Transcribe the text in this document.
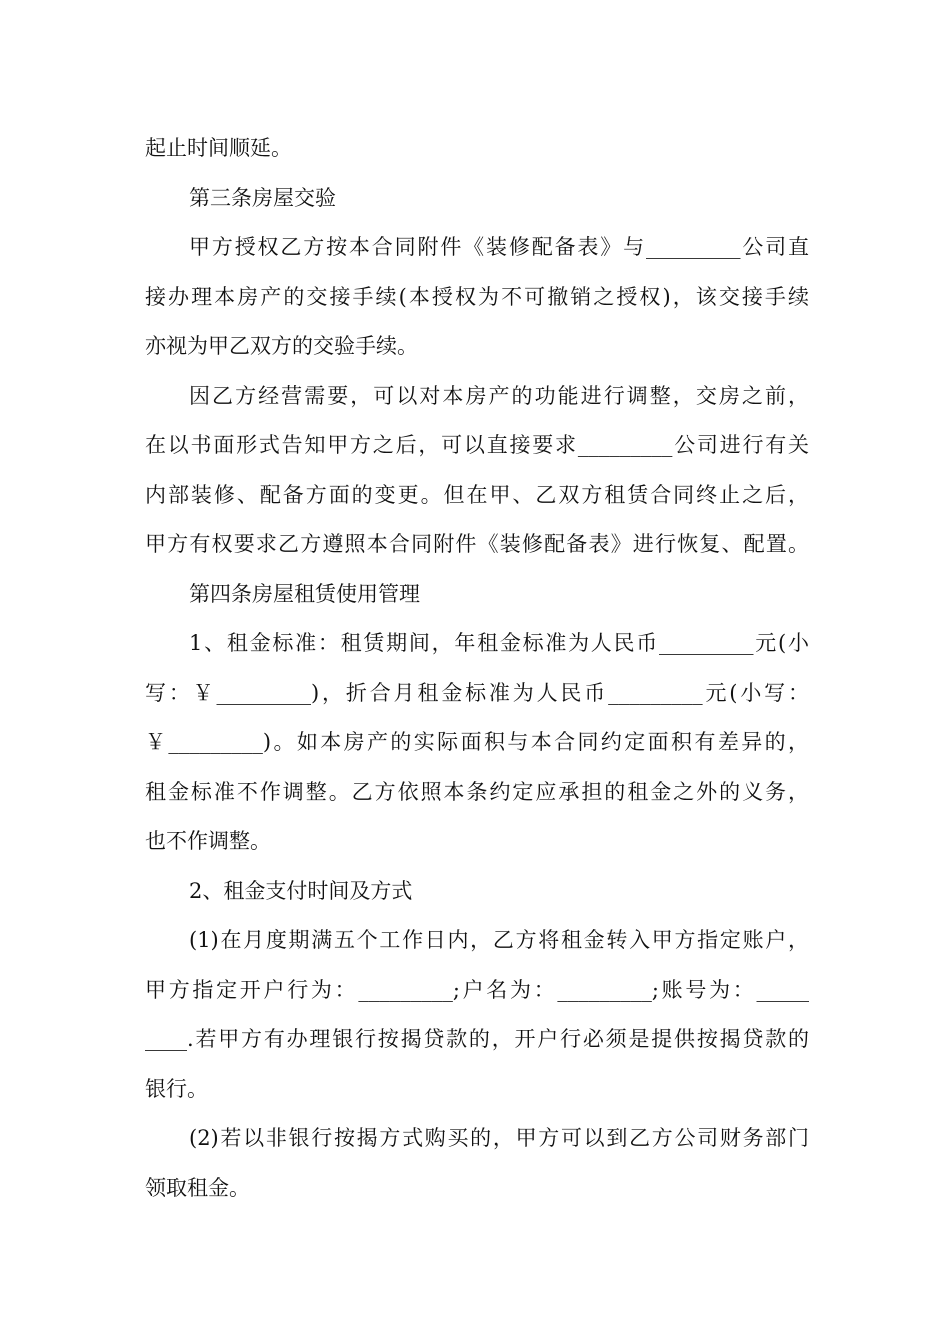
起止时间顺延。
第三条房屋交验
甲方授权乙方按本合同附件《装修配备表》与_________公司直
接办理本房产的交接手续(本授权为不可撤销之授权)，该交接手续
亦视为甲乙双方的交验手续。
因乙方经营需要，可以对本房产的功能进行调整，交房之前，
在以书面形式告知甲方之后，可以直接要求_________公司进行有关
内部装修、配备方面的变更。但在甲、乙双方租赁合同终止之后，
甲方有权要求乙方遵照本合同附件《装修配备表》进行恢复、配置。
第四条房屋租赁使用管理
1、租金标准：租赁期间，年租金标准为人民币_________元(小
写：￥_________)，折合月租金标准为人民币_________元(小写：
￥_________)。如本房产的实际面积与本合同约定面积有差异的，
租金标准不作调整。乙方依照本条约定应承担的租金之外的义务，
也不作调整。
2、租金支付时间及方式
(1)在月度期满五个工作日内，乙方将租金转入甲方指定账户，
甲方指定开户行为：_________;户名为：_________;账号为：_____
____.若甲方有办理银行按揭贷款的，开户行必须是提供按揭贷款的
银行。
(2)若以非银行按揭方式购买的，甲方可以到乙方公司财务部门
领取租金。
